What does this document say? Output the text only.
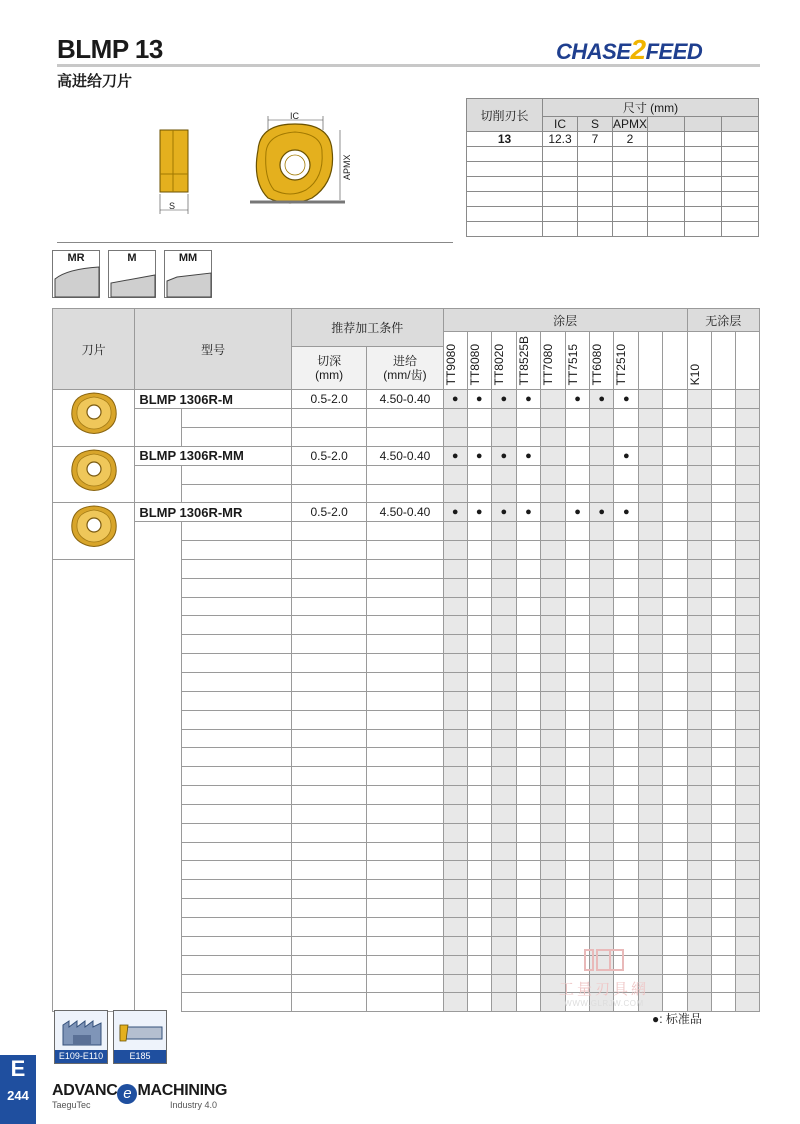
BLMP 13
高进给刀片
CHASE2FEED
S
IC
APMX
切削刃长	尺寸 (mm)					
	IC	S	APMX			
13	12.3	7	2			

MR	M	MM
刀片	型号		推荐加工条件		涂层										无涂层		

					TT9080	TT8080	TT8020	TT8525B	TT7080	TT7515	TT6080	TT2510			K10		

			切深
(mm)	进给
(mm/齿)													
	BLMP 1306R-M		0.5-2.0	4.50-0.40	●	●	●	●		●	●	●					

	BLMP 1306R-MM		0.5-2.0	4.50-0.40	●	●	●	●				●					

	BLMP 1306R-MR		0.5-2.0	4.50-0.40	●	●	●	●		●	●	●					

工量刃具網
WWW.GLRJW.COM
●: 标准品
E109-E110	E185
E
244	ADVANC e MACHINING
TaeguTec	Industry 4.0
